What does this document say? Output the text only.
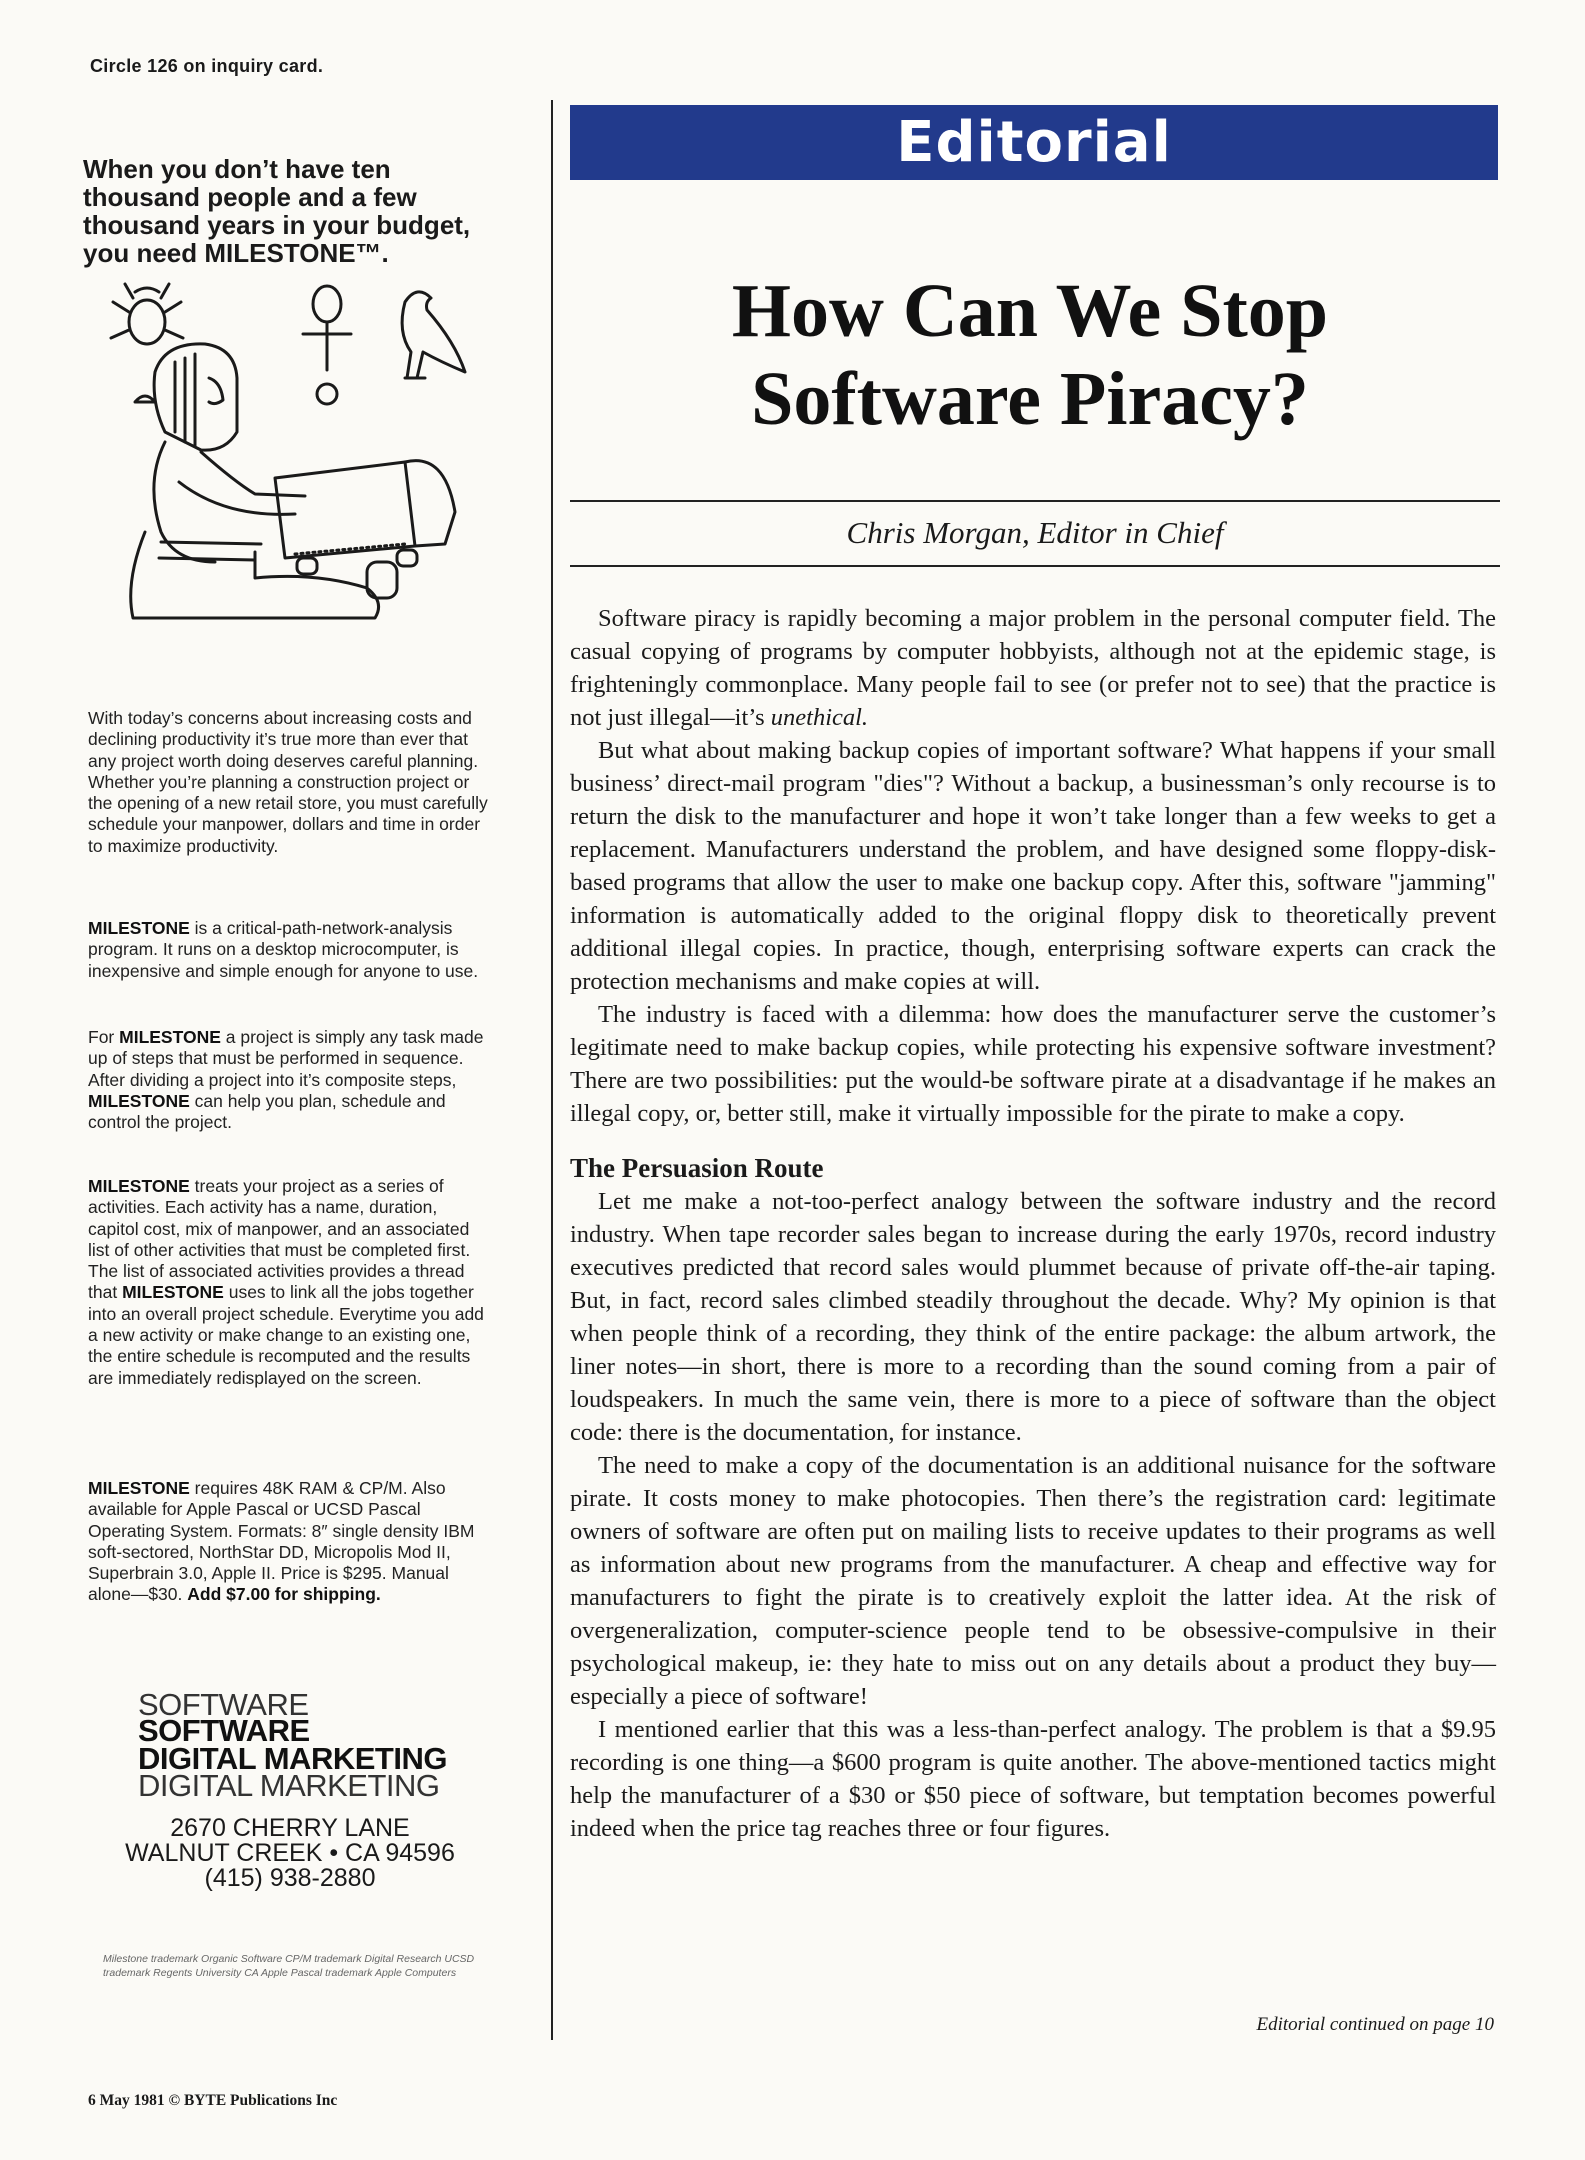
Circle 126 on inquiry card.
When you don’t have ten thousand people and a few thousand years in your budget, you need MILESTONE™.
With today’s concerns about increasing costs and declining productivity it’s true more than ever that any project worth doing deserves careful planning. Whether you’re planning a construction project or the opening of a new retail store, you must carefully schedule your manpower, dollars and time in order to maximize productivity.
MILESTONE is a critical-path-network-analysis program. It runs on a desktop microcomputer, is inexpensive and simple enough for anyone to use.
For MILESTONE a project is simply any task made up of steps that must be performed in sequence. After dividing a project into it’s composite steps, MILESTONE can help you plan, schedule and control the project.
MILESTONE treats your project as a series of activities. Each activity has a name, duration, capitol cost, mix of manpower, and an associated list of other activities that must be completed first. The list of associated activities provides a thread that MILESTONE uses to link all the jobs together into an overall project schedule. Everytime you add a new activity or make change to an existing one, the entire schedule is recomputed and the results are immediately redisplayed on the screen.
MILESTONE requires 48K RAM & CP/M. Also available for Apple Pascal or UCSD Pascal Operating System. Formats: 8″ single density IBM soft-sectored, NorthStar DD, Micropolis Mod II, Superbrain 3.0, Apple II. Price is $295. Manual alone—$30. Add $7.00 for shipping.
SOFTWARE
SOFTWARE
DIGITAL MARKETING
DIGITAL MARKETING
2670 CHERRY LANE
WALNUT CREEK • CA 94596
(415) 938-2880
Milestone trademark Organic Software CP/M trademark Digital Research UCSD trademark Regents University CA Apple Pascal trademark Apple Computers
6 May 1981 © BYTE Publications Inc
Editorial
How Can We Stop
Software Piracy?
Chris Morgan, Editor in Chief

Software piracy is rapidly becoming a major problem in the personal computer field. The casual copying of programs by computer hobbyists, although not at the epidemic stage, is frighteningly commonplace. Many people fail to see (or prefer not to see) that the practice is not just illegal—it’s unethical.

But what about making backup copies of important software? What happens if your small business’ direct-mail program "dies"? Without a backup, a businessman’s only recourse is to return the disk to the manufacturer and hope it won’t take longer than a few weeks to get a replacement. Manufacturers understand the problem, and have designed some floppy-disk-based programs that allow the user to make one backup copy. After this, software "jamming" information is automatically added to the original floppy disk to theoretically prevent additional illegal copies. In practice, though, enterprising software experts can crack the protection mechanisms and make copies at will.

The industry is faced with a dilemma: how does the manufacturer serve the customer’s legitimate need to make backup copies, while protecting his expensive software investment? There are two possibilities: put the would-be software pirate at a disadvantage if he makes an illegal copy, or, better still, make it virtually impossible for the pirate to make a copy.

The Persuasion Route

Let me make a not-too-perfect analogy between the software industry and the record industry. When tape recorder sales began to increase during the early 1970s, record industry executives predicted that record sales would plummet because of private off-the-air taping. But, in fact, record sales climbed steadily throughout the decade. Why? My opinion is that when people think of a recording, they think of the entire package: the album artwork, the liner notes—in short, there is more to a recording than the sound coming from a pair of loudspeakers. In much the same vein, there is more to a piece of software than the object code: there is the documentation, for instance.

The need to make a copy of the documentation is an additional nuisance for the software pirate. It costs money to make photocopies. Then there’s the registration card: legitimate owners of software are often put on mailing lists to receive updates to their programs as well as information about new programs from the manufacturer. A cheap and effective way for manufacturers to fight the pirate is to creatively exploit the latter idea. At the risk of overgeneralization, computer-science people tend to be obsessive-compulsive in their psychological makeup, ie: they hate to miss out on any details about a product they buy—especially a piece of software!

I mentioned earlier that this was a less-than-perfect analogy. The problem is that a $9.95 recording is one thing—a $600 program is quite another. The above-mentioned tactics might help the manufacturer of a $30 or $50 piece of software, but temptation becomes powerful indeed when the price tag reaches three or four figures.

Editorial continued on page 10
